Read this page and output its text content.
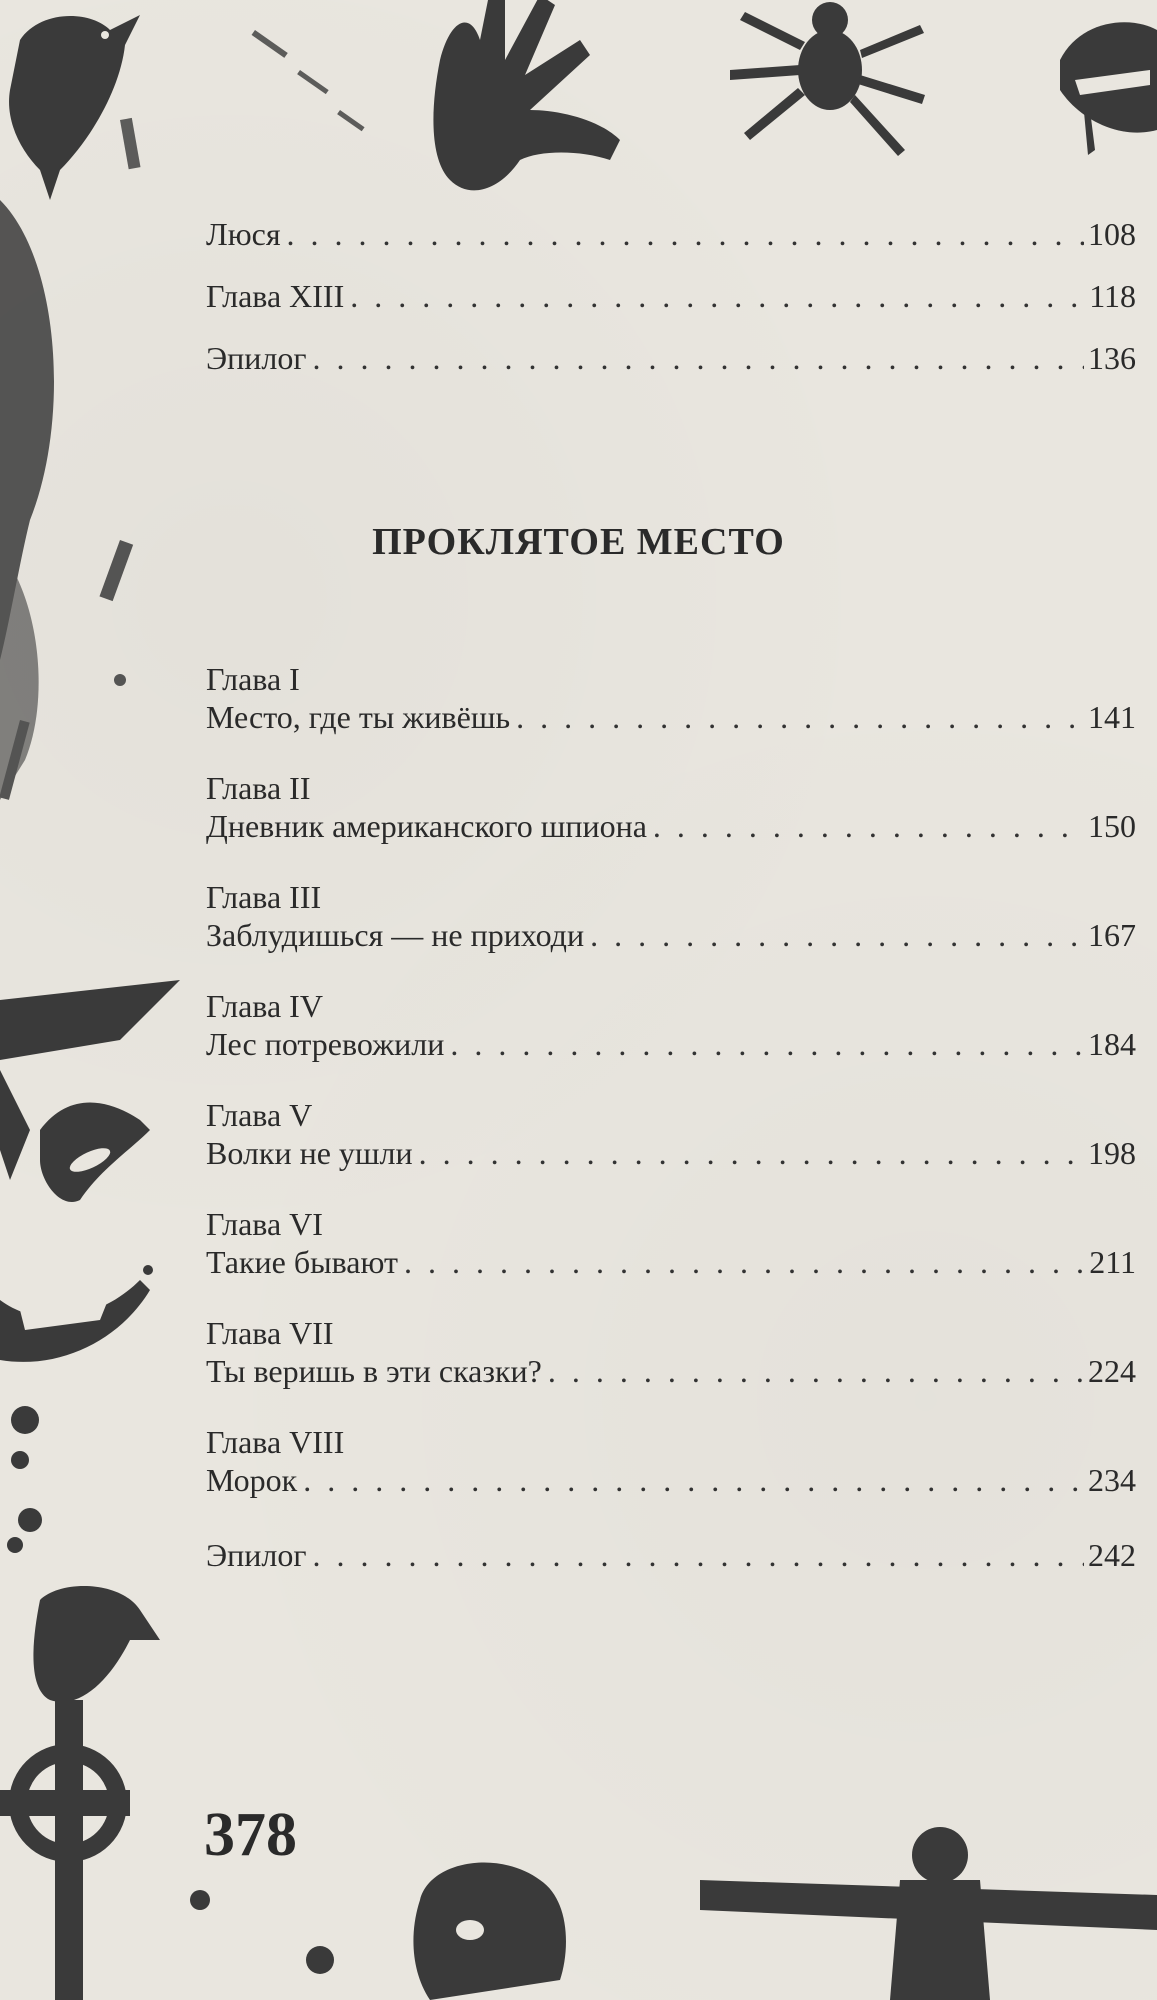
Люся . . .	108
Глава XIII . . .	118
Эпилог . . .	136
ПРОКЛЯТОЕ МЕСТО
Глава I
Место, где ты живёшь . . .	141
Глава II
Дневник американского шпиона . . .	150
Глава III
Заблудишься — не приходи . . .	167
Глава IV
Лес потревожили . . .	184
Глава V
Волки не ушли . . .	198
Глава VI
Такие бывают . . .	211
Глава VII
Ты веришь в эти сказки? . . .	224
Глава VIII
Морок . . .	234
Эпилог . . .	242
378
